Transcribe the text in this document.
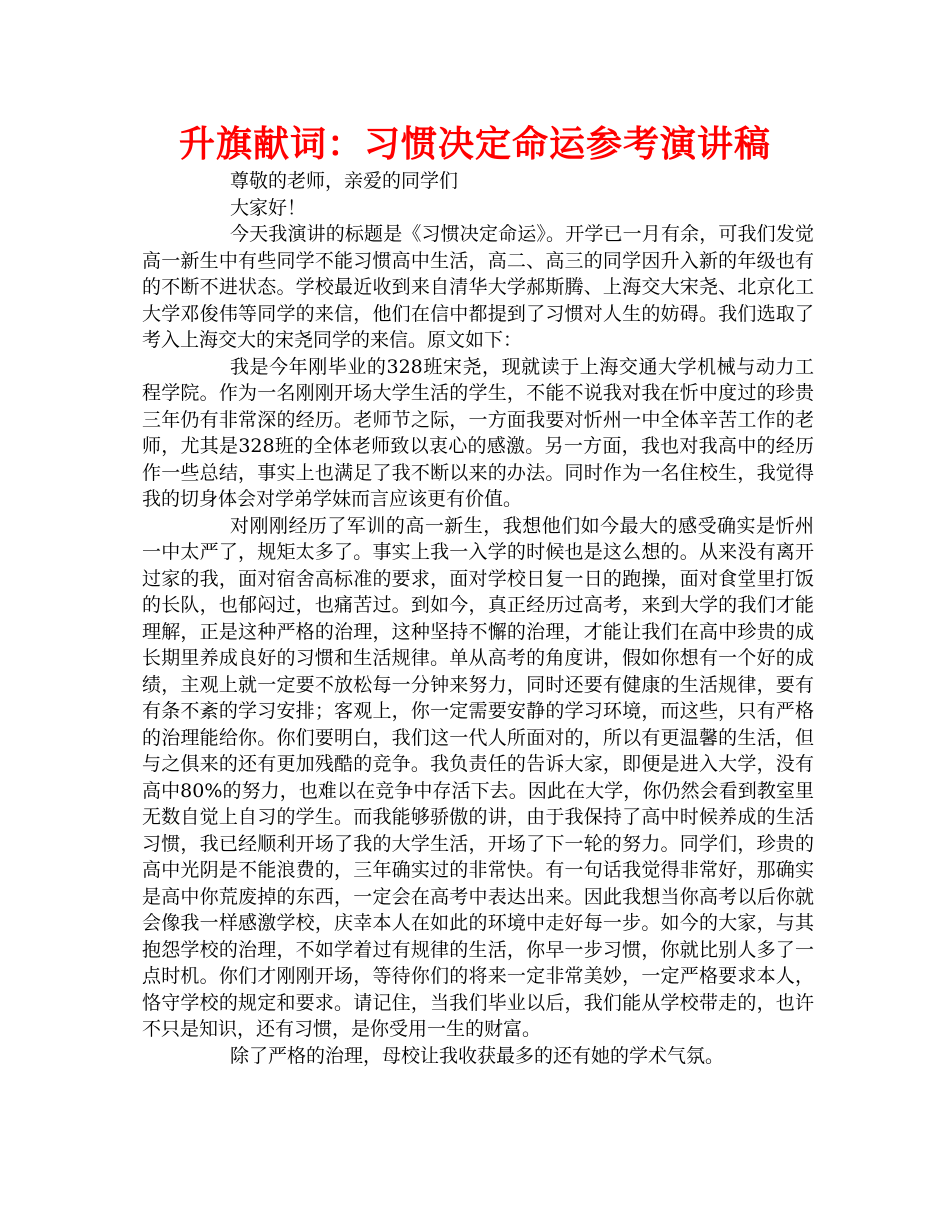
升旗献词：习惯决定命运参考演讲稿

尊敬的老师，亲爱的同学们

大家好！

今天我演讲的标题是《习惯决定命运》。开学已一月有余，可我们发觉高一新生中有些同学不能习惯高中生活，高二、高三的同学因升入新的年级也有的不断不进状态。学校最近收到来自清华大学郝斯腾、上海交大宋尧、北京化工大学邓俊伟等同学的来信，他们在信中都提到了习惯对人生的妨碍。我们选取了考入上海交大的宋尧同学的来信。原文如下：

我是今年刚毕业的328班宋尧，现就读于上海交通大学机械与动力工程学院。作为一名刚刚开场大学生活的学生，不能不说我对我在忻中度过的珍贵三年仍有非常深的经历。老师节之际，一方面我要对忻州一中全体辛苦工作的老师，尤其是328班的全体老师致以衷心的感激。另一方面，我也对我高中的经历作一些总结，事实上也满足了我不断以来的办法。同时作为一名住校生，我觉得我的切身体会对学弟学妹而言应该更有价值。

对刚刚经历了军训的高一新生，我想他们如今最大的感受确实是忻州一中太严了，规矩太多了。事实上我一入学的时候也是这么想的。从来没有离开过家的我，面对宿舍高标准的要求，面对学校日复一日的跑操，面对食堂里打饭的长队，也郁闷过，也痛苦过。到如今，真正经历过高考，来到大学的我们才能理解，正是这种严格的治理，这种坚持不懈的治理，才能让我们在高中珍贵的成长期里养成良好的习惯和生活规律。单从高考的角度讲，假如你想有一个好的成绩，主观上就一定要不放松每一分钟来努力，同时还要有健康的生活规律，要有有条不紊的学习安排；客观上，你一定需要安静的学习环境，而这些，只有严格的治理能给你。你们要明白，我们这一代人所面对的，所以有更温馨的生活，但与之俱来的还有更加残酷的竞争。我负责任的告诉大家，即便是进入大学，没有高中80%的努力，也难以在竞争中存活下去。因此在大学，你仍然会看到教室里无数自觉上自习的学生。而我能够骄傲的讲，由于我保持了高中时候养成的生活习惯，我已经顺利开场了我的大学生活，开场了下一轮的努力。同学们，珍贵的高中光阴是不能浪费的，三年确实过的非常快。有一句话我觉得非常好，那确实是高中你荒废掉的东西，一定会在高考中表达出来。因此我想当你高考以后你就会像我一样感激学校，庆幸本人在如此的环境中走好每一步。如今的大家，与其抱怨学校的治理，不如学着过有规律的生活，你早一步习惯，你就比别人多了一点时机。你们才刚刚开场，等待你们的将来一定非常美妙，一定严格要求本人，恪守学校的规定和要求。请记住，当我们毕业以后，我们能从学校带走的，也许不只是知识，还有习惯，是你受用一生的财富。

除了严格的治理，母校让我收获最多的还有她的学术气氛。
